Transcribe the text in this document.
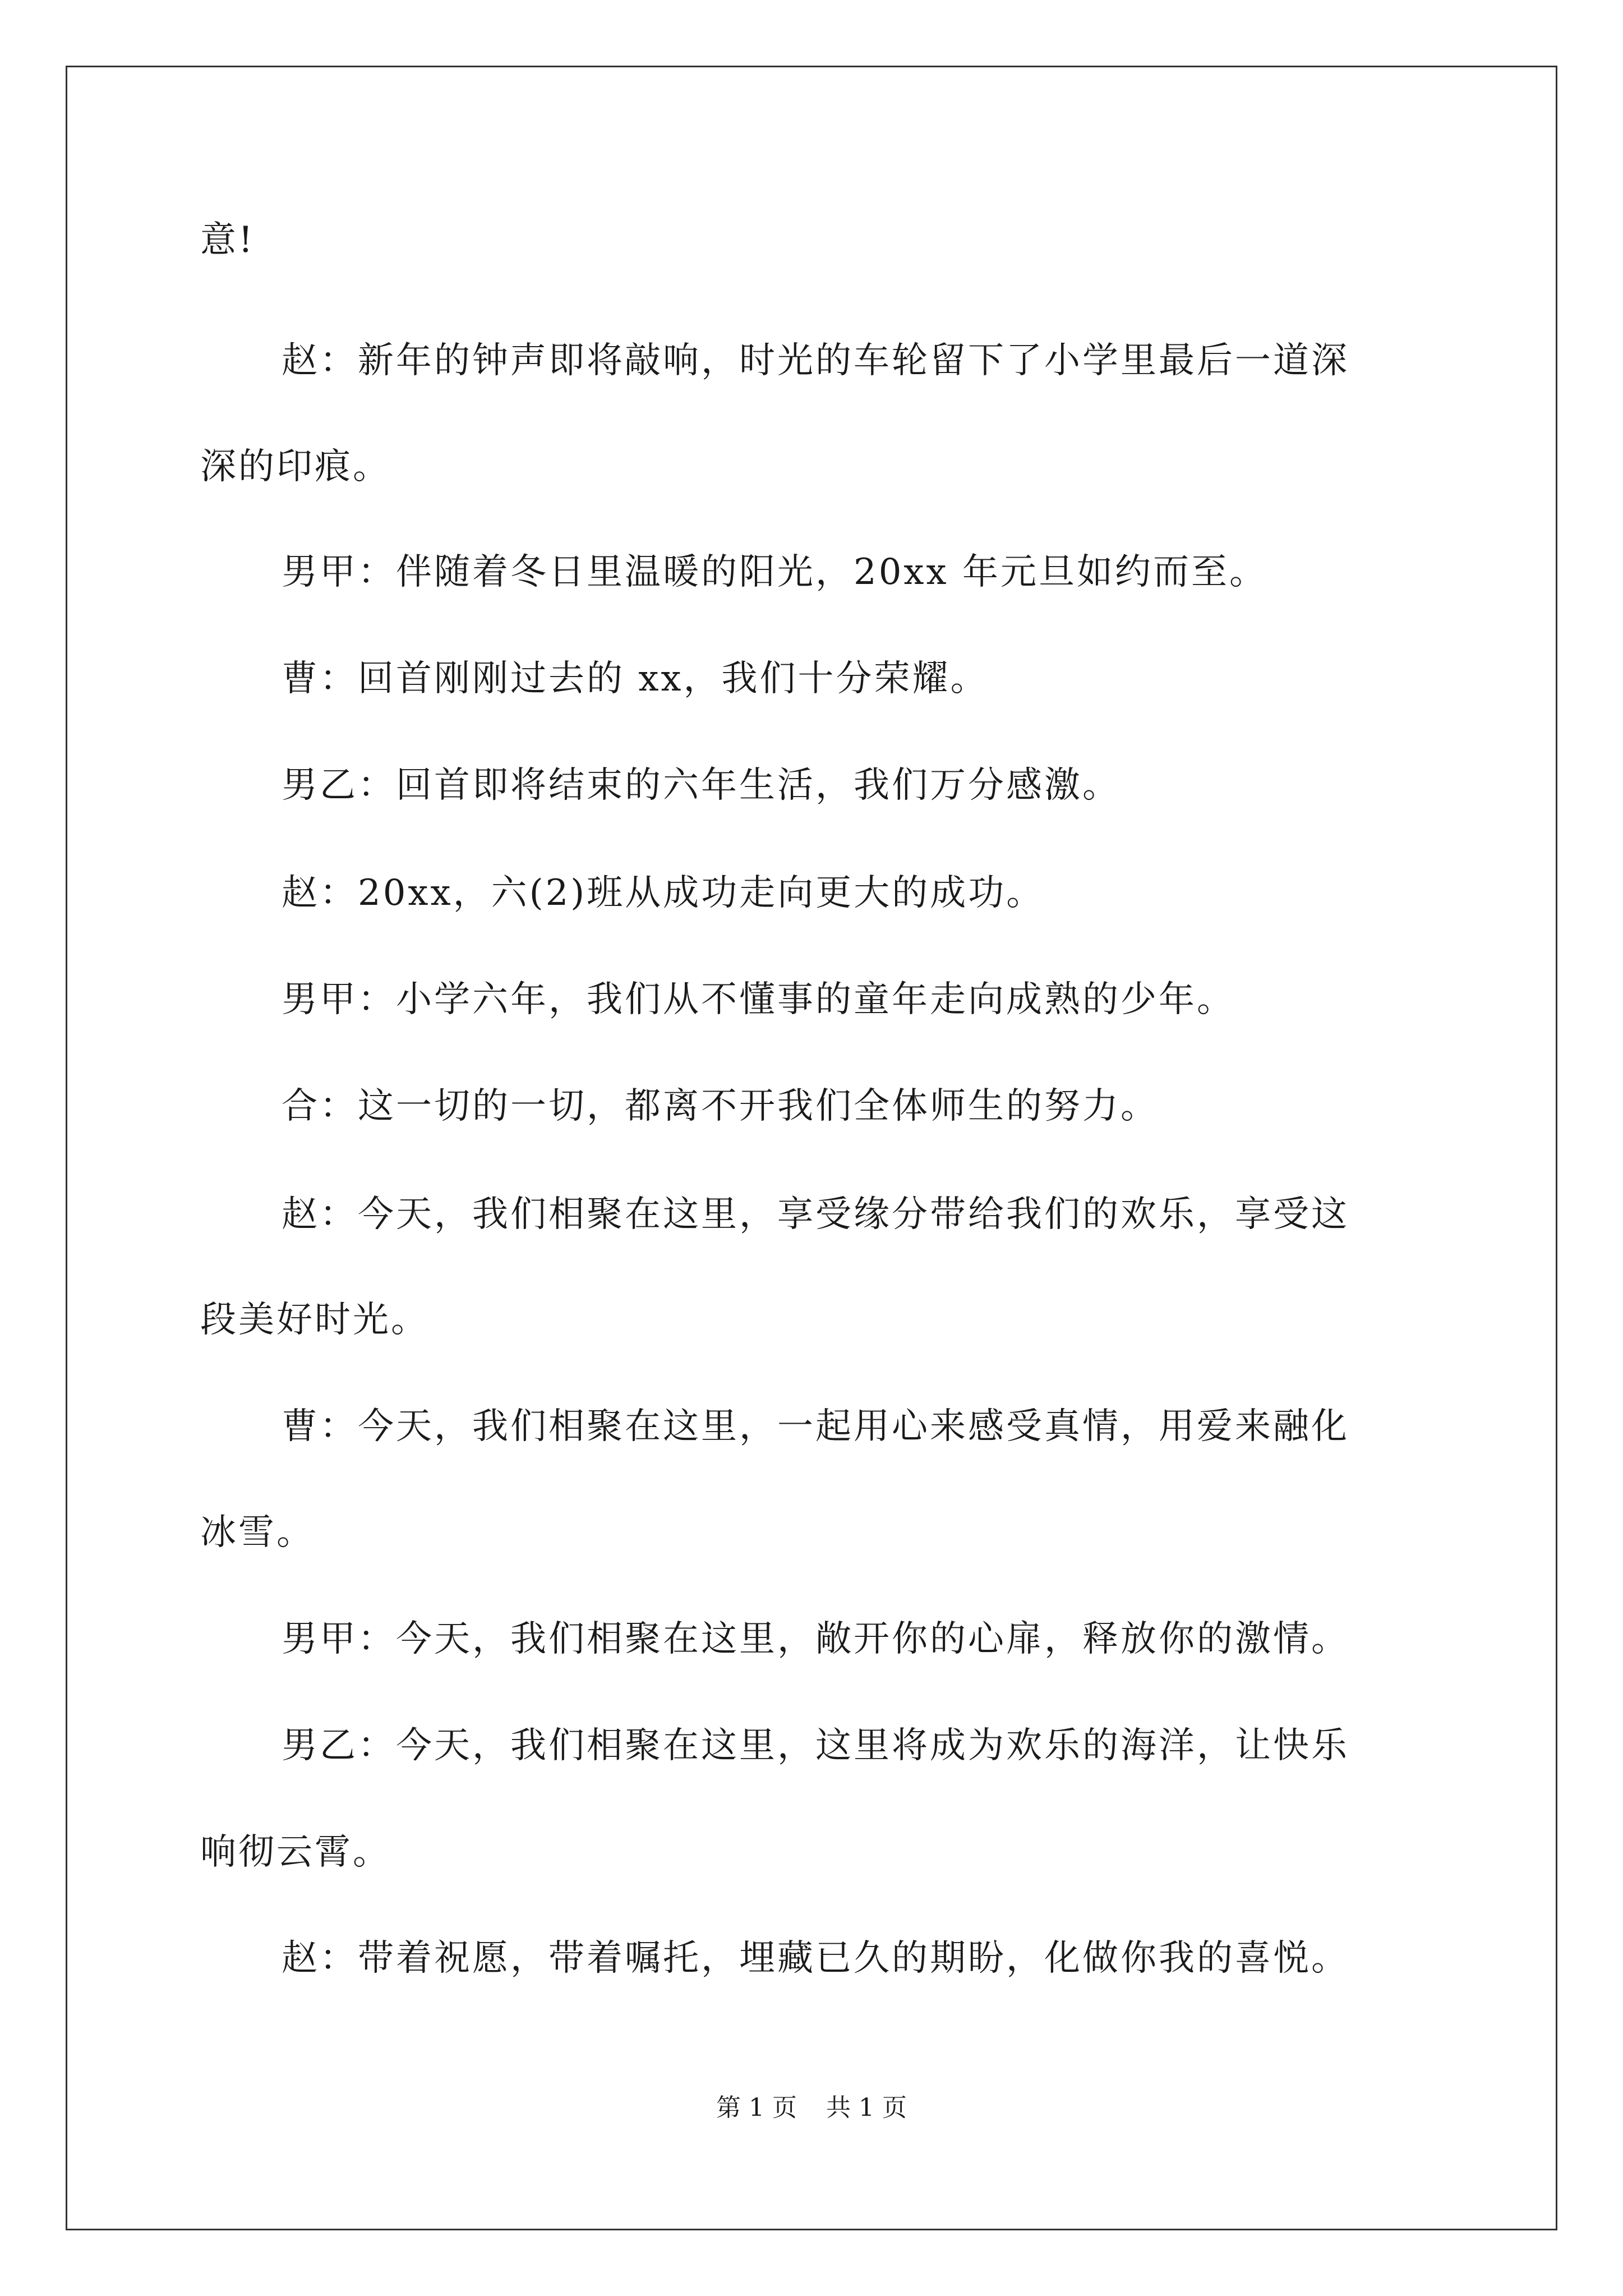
意!
赵：新年的钟声即将敲响，时光的车轮留下了小学里最后一道深
深的印痕。
男甲：伴随着冬日里温暖的阳光，20xx 年元旦如约而至。
曹：回首刚刚过去的 xx，我们十分荣耀。
男乙：回首即将结束的六年生活，我们万分感激。
赵：20xx，六(2)班从成功走向更大的成功。
男甲：小学六年，我们从不懂事的童年走向成熟的少年。
合：这一切的一切，都离不开我们全体师生的努力。
赵：今天，我们相聚在这里，享受缘分带给我们的欢乐，享受这
段美好时光。
曹：今天，我们相聚在这里，一起用心来感受真情，用爱来融化
冰雪。
男甲：今天，我们相聚在这里，敞开你的心扉，释放你的激情。
男乙：今天，我们相聚在这里，这里将成为欢乐的海洋，让快乐
响彻云霄。
赵：带着祝愿，带着嘱托，埋藏已久的期盼，化做你我的喜悦。
第 1 页 共 1 页
